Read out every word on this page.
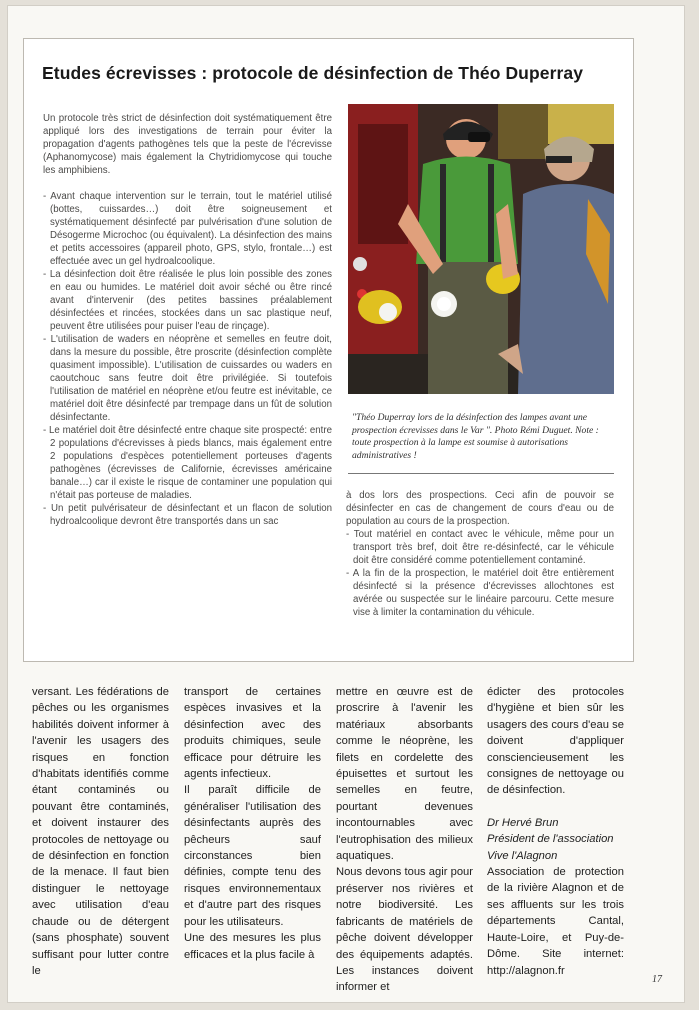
Etudes écrevisses : protocole de désinfection de Théo Duperray

Un protocole très strict de désinfection doit systématiquement être appliqué lors des investigations de terrain pour éviter la propagation d'agents pathogènes tels que la peste de l'écrevisse (Aphanomycose) mais également la Chytridiomycose qui touche les amphibiens.

- Avant chaque intervention sur le terrain, tout le matériel utilisé (bottes, cuissardes…) doit être soigneusement et systématiquement désinfecté par pulvérisation d'une solution de Désogerme Microchoc (ou équivalent). La désinfection des mains et petits accessoires (appareil photo, GPS, stylo, frontale…) est effectuée avec un gel hydroalcoolique.

- La désinfection doit être réalisée le plus loin possible des zones en eau ou humides. Le matériel doit avoir séché ou être rincé avant d'intervenir (des petites bassines préalablement désinfectées et rincées, stockées dans un sac plastique neuf, peuvent être utilisées pour puiser l'eau de rinçage).

- L'utilisation de waders en néoprène et semelles en feutre doit, dans la mesure du possible, être proscrite (désinfection complète quasiment impossible). L'utilisation de cuissardes ou waders en caoutchouc sans feutre doit être privilégiée. Si toutefois l'utilisation de matériel en néoprène et/ou feutre est inévitable, ce matériel doit être désinfecté par trempage dans un fût de solution désinfectante.

- Le matériel doit être désinfecté entre chaque site prospecté: entre 2 populations d'écrevisses à pieds blancs, mais également entre 2 populations d'espèces potentiellement porteuses d'agents pathogènes (écrevisses de Californie, écrevisses américaine banale…) car il existe le risque de contaminer une population qui n'était pas porteuse de maladies.

- Un petit pulvérisateur de désinfectant et un flacon de solution hydroalcoolique devront être transportés dans un sac

"Théo Duperray lors de la désinfection des lampes avant une prospection écrevisses dans le Var ". Photo Rémi Duguet. Note : toute prospection à la lampe est soumise à autorisations administratives !

à dos lors des prospections. Ceci afin de pouvoir se désinfecter en cas de changement de cours d'eau ou de population au cours de la prospection.

- Tout matériel en contact avec le véhicule, même pour un transport très bref, doit être re-désinfecté, car le véhicule doit être considéré comme potentiellement contaminé.

- A la fin de la prospection, le matériel doit être entièrement désinfecté si la présence d'écrevisses allochtones est avérée ou suspectée sur le linéaire parcouru. Cette mesure vise à limiter la contamination du véhicule.

versant. Les fédérations de pêches ou les organismes habilités doivent informer à l'avenir les usagers des risques en fonction d'habitats identifiés comme étant contaminés ou pouvant être contaminés, et doivent instaurer des protocoles de nettoyage ou de désinfection en fonction de la menace. Il faut bien distinguer le nettoyage avec utilisation d'eau chaude ou de détergent (sans phosphate) souvent suffisant pour lutter contre le

transport de certaines espèces invasives et la désinfection avec des produits chimiques, seule efficace pour détruire les agents infectieux.

Il paraît difficile de généraliser l'utilisation des désinfectants auprès des pêcheurs sauf circonstances bien définies, compte tenu des risques environnementaux et d'autre part des risques pour les utilisateurs.

Une des mesures les plus efficaces et la plus facile à

mettre en œuvre est de proscrire à l'avenir les matériaux absorbants comme le néoprène, les filets en cordelette des épuisettes et surtout les semelles en feutre, pourtant devenues incontournables avec l'eutrophisation des milieux aquatiques.

Nous devons tous agir pour préserver nos rivières et notre biodiversité. Les fabricants de matériels de pêche doivent développer des équipements adaptés. Les instances doivent informer et

édicter des protocoles d'hygiène et bien sûr les usagers des cours d'eau se doivent d'appliquer consciencieusement les consignes de nettoyage ou de désinfection.

Dr Hervé Brun

Président de l'association

Vive l'Alagnon

Association de protection de la rivière Alagnon et de ses affluents sur les trois départements Cantal, Haute-Loire, et Puy-de-Dôme. Site internet: http://alagnon.fr

17
